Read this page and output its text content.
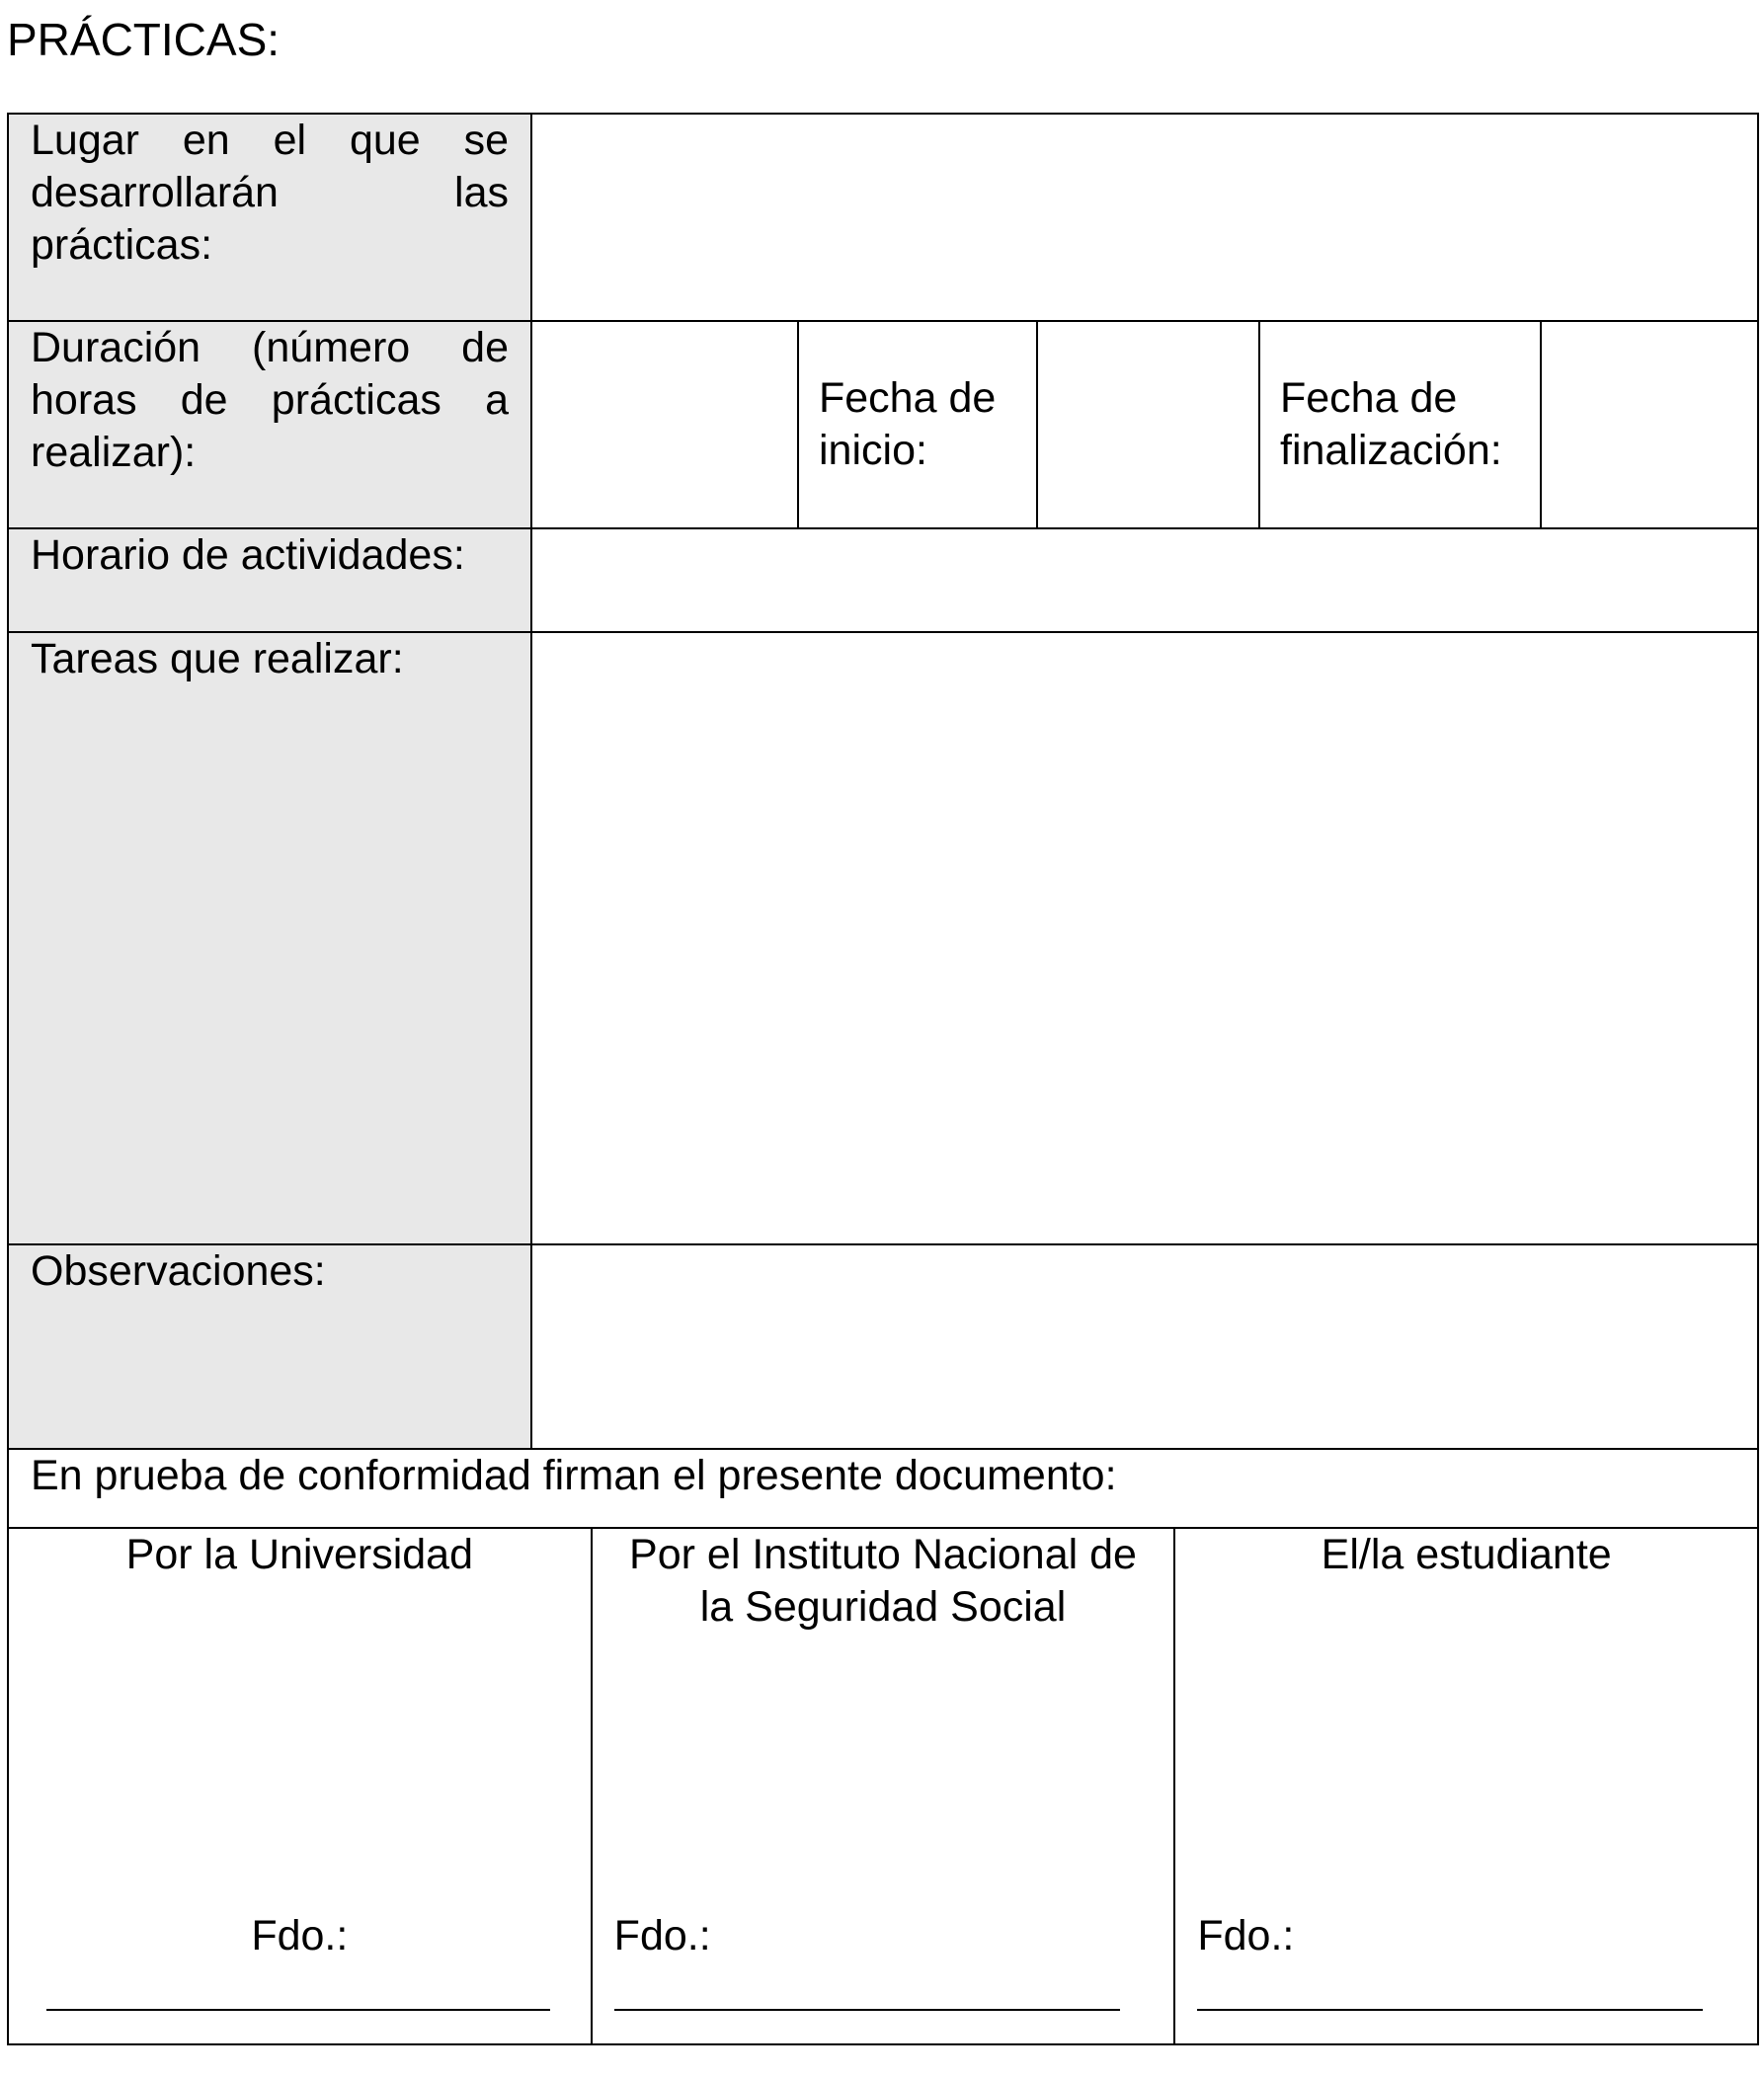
PRÁCTICAS:
Lugar en el que se desarrollarán las prácticas:

Duración (número de horas de prácticas a realizar):
		Fecha de inicio:		Fecha de finalización:	

Horario de actividades:

Tareas que realizar:

Observaciones:

En prueba de conformidad firman el presente documento:

Por la Universidad
Fdo.:

Por el Instituto Nacional de la Seguridad Social
Fdo.:

El/la estudiante
Fdo.:
